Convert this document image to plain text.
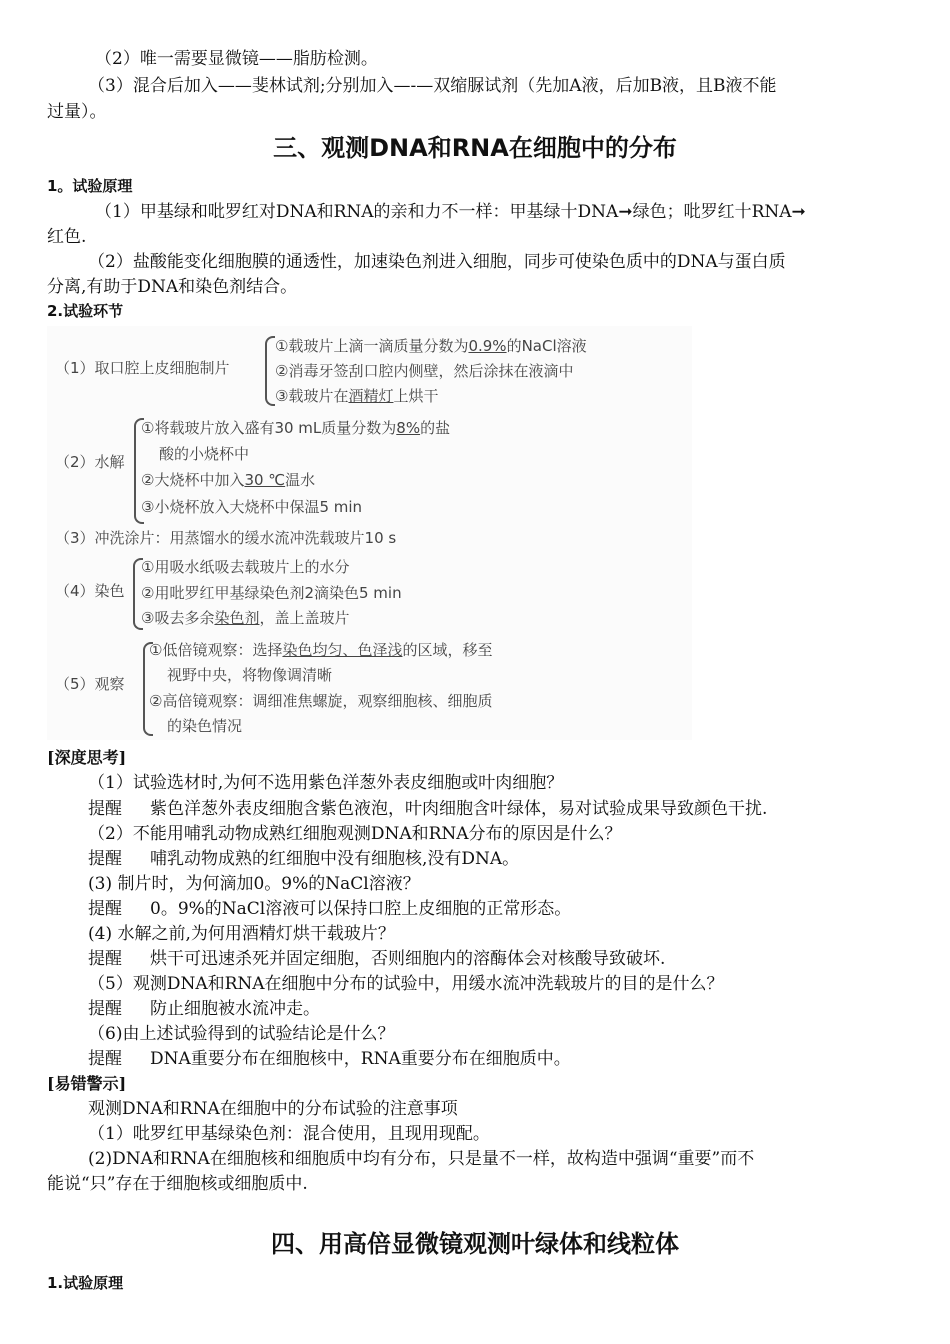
（2）唯一需要显微镜——脂肪检测。
（3）混合后加入——斐林试剂;分别加入—-—双缩脲试剂（先加A液，后加B液，且B液不能
过量）。
三、观测DNA和RNA在细胞中的分布
1。试验原理
（1）甲基绿和吡罗红对DNA和RNA的亲和力不一样：甲基绿十DNA➞绿色；吡罗红十RNA➞
红色.
（2）盐酸能变化细胞膜的通透性，加速染色剂进入细胞，同步可使染色质中的DNA与蛋白质
分离,有助于DNA和染色剂结合。
2.试验环节
（1）取口腔上皮细胞制片
①载玻片上滴一滴质量分数为0.9%的NaCl溶液
②消毒牙签刮口腔内侧壁，然后涂抹在液滴中
③载玻片在酒精灯上烘干
（2）水解
①将载玻片放入盛有30 mL质量分数为8%的盐
酸的小烧杯中
②大烧杯中加入30 ℃温水
③小烧杯放入大烧杯中保温5 min
（3）冲洗涂片：用蒸馏水的缓水流冲洗载玻片10 s
（4）染色
①用吸水纸吸去载玻片上的水分
②用吡罗红甲基绿染色剂2滴染色5 min
③吸去多余染色剂，盖上盖玻片
（5）观察
①低倍镜观察：选择染色均匀、色泽浅的区域，移至
视野中央，将物像调清晰
②高倍镜观察：调细准焦螺旋，观察细胞核、细胞质
的染色情况
[深度思考]
（1）试验选材时,为何不选用紫色洋葱外表皮细胞或叶肉细胞？
提醒 紫色洋葱外表皮细胞含紫色液泡，叶肉细胞含叶绿体，易对试验成果导致颜色干扰.
（2）不能用哺乳动物成熟红细胞观测DNA和RNA分布的原因是什么？
提醒 哺乳动物成熟的红细胞中没有细胞核,没有DNA。
(3) 制片时，为何滴加0。9%的NaCl溶液？
提醒 0。9%的NaCl溶液可以保持口腔上皮细胞的正常形态。
(4) 水解之前,为何用酒精灯烘干载玻片？
提醒 烘干可迅速杀死并固定细胞，否则细胞内的溶酶体会对核酸导致破坏.
（5）观测DNA和RNA在细胞中分布的试验中，用缓水流冲洗载玻片的目的是什么？
提醒 防止细胞被水流冲走。
（6)由上述试验得到的试验结论是什么？
提醒 DNA重要分布在细胞核中，RNA重要分布在细胞质中。
[易错警示]
观测DNA和RNA在细胞中的分布试验的注意事项
（1）吡罗红甲基绿染色剂：混合使用，且现用现配。
(2)DNA和RNA在细胞核和细胞质中均有分布，只是量不一样，故构造中强调“重要”而不
能说“只”存在于细胞核或细胞质中.
四、用高倍显微镜观测叶绿体和线粒体
1.试验原理
